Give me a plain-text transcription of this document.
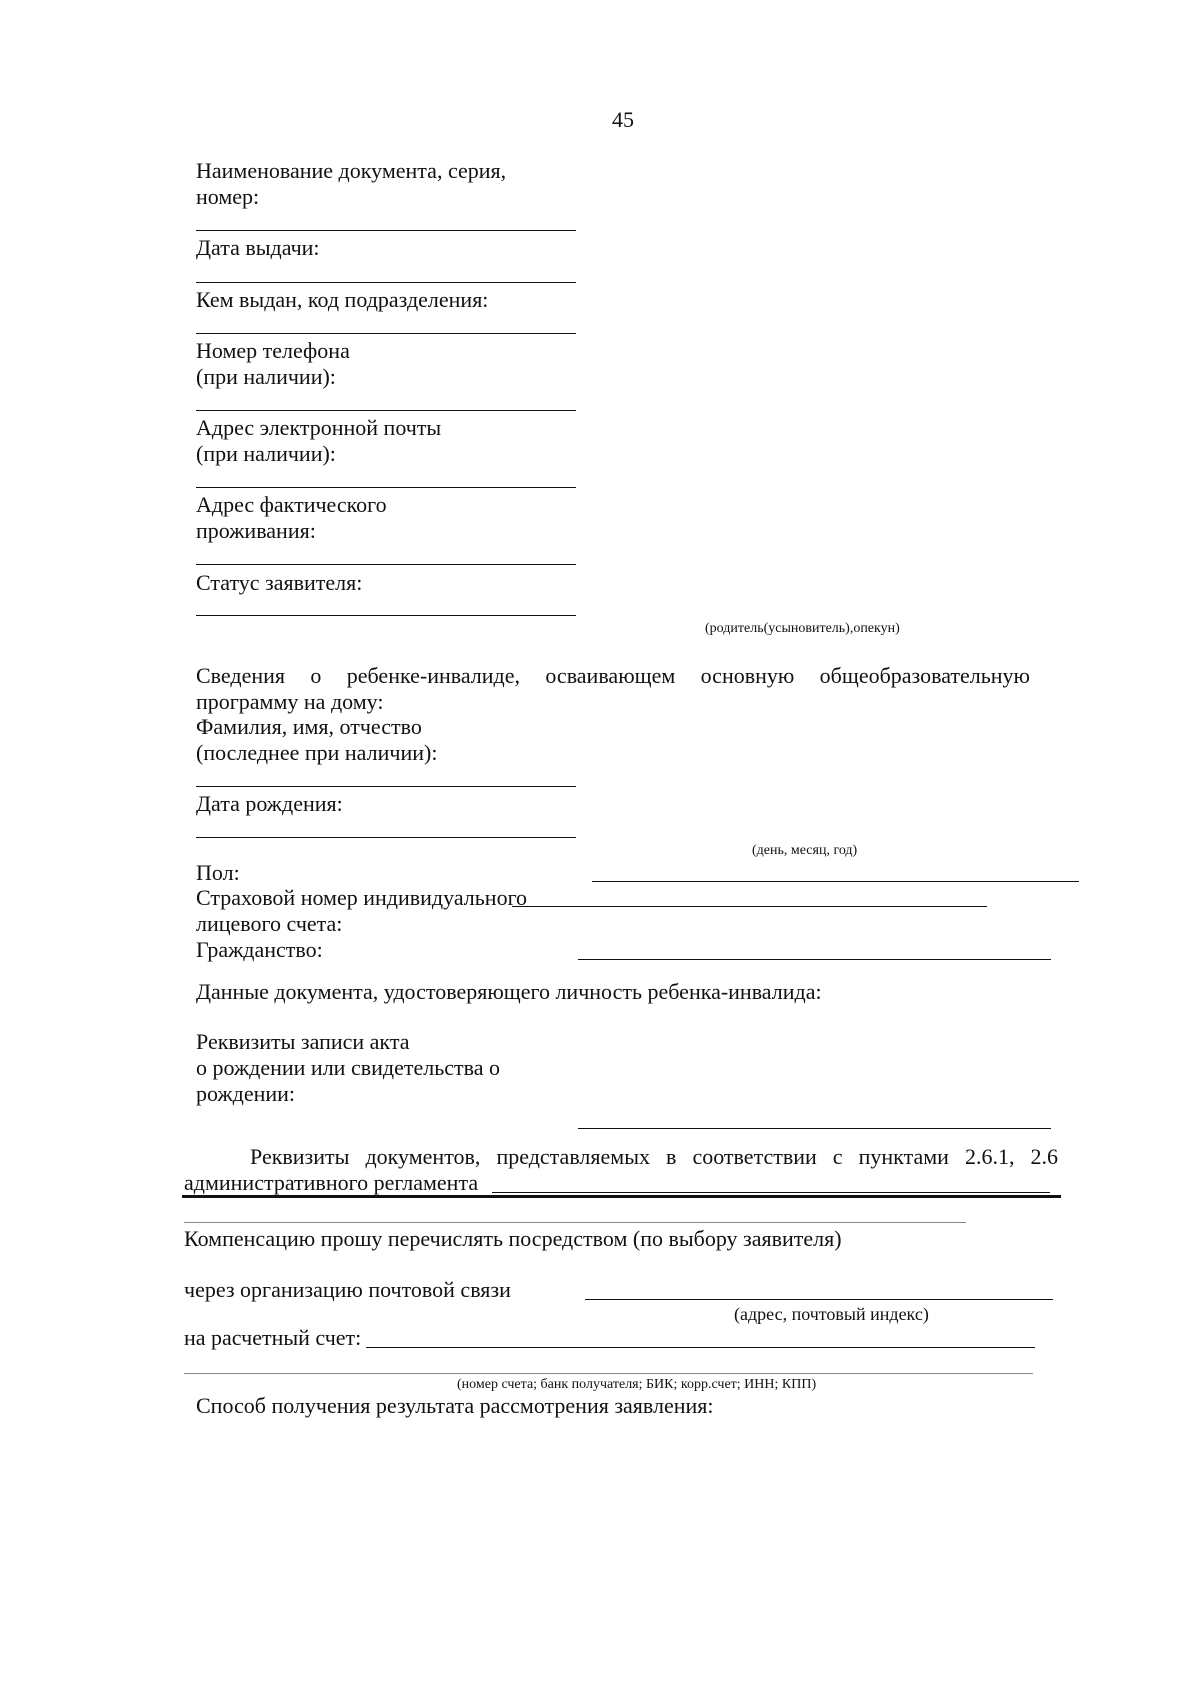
45
Наименование документа, серия,
номер:
Дата выдачи:
Кем выдан, код подразделения:
Номер телефона
(при наличии):
Адрес электронной почты
(при наличии):
Адрес фактического
проживания:
Статус заявителя:
(родитель(усыновитель),опекун)
Сведения о ребенке-инвалиде, осваивающем основную общеобразовательную
программу на дому:
Фамилия, имя, отчество
(последнее при наличии):
Дата рождения:
(день, месяц, год)
Пол:
Страховой номер индивидуального
лицевого счета:
Гражданство:
Данные документа, удостоверяющего личность ребенка-инвалида:
Реквизиты записи акта
о рождении или свидетельства о
рождении:
Реквизиты документов, представляемых в соответствии с пунктами 2.6.1, 2.6
административного регламента
Компенсацию прошу перечислять посредством (по выбору заявителя)
через организацию почтовой связи
(адрес, почтовый индекс)
на расчетный счет:
(номер счета; банк получателя; БИК; корр.счет; ИНН; КПП)
Способ получения результата рассмотрения заявления:
